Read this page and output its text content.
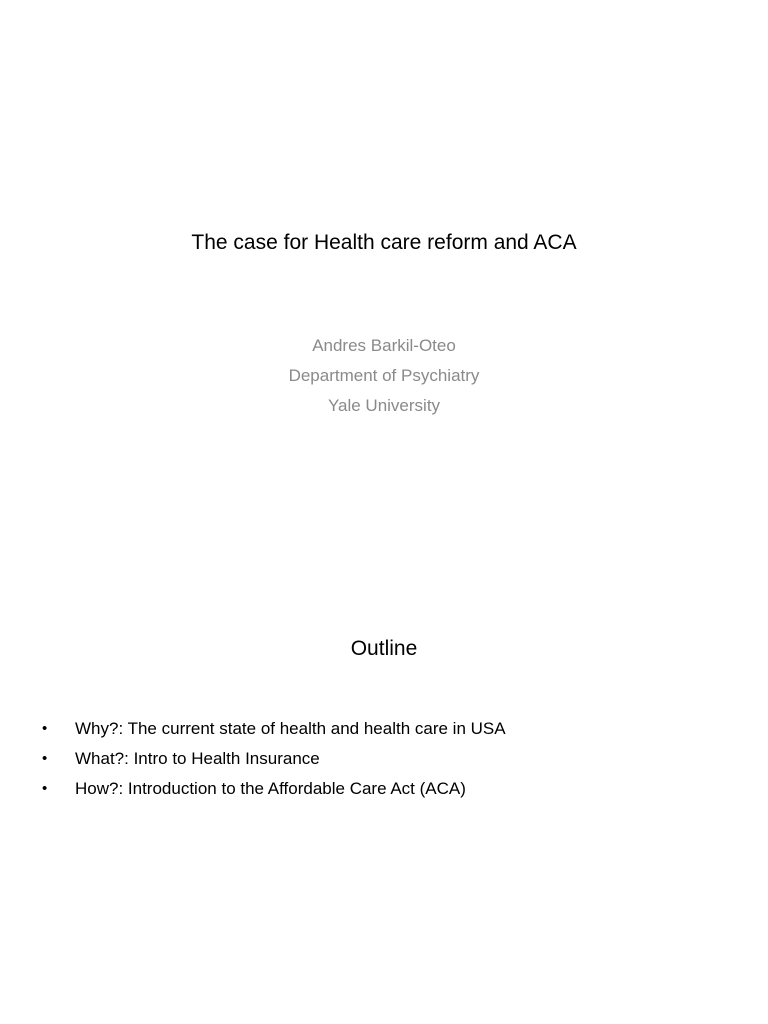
The case for Health care reform and ACA
Andres Barkil-Oteo
Department of Psychiatry
Yale University
Outline
• Why?: The current state of health and health care in USA
• What?: Intro to Health Insurance
• How?: Introduction to the Affordable Care Act (ACA)
